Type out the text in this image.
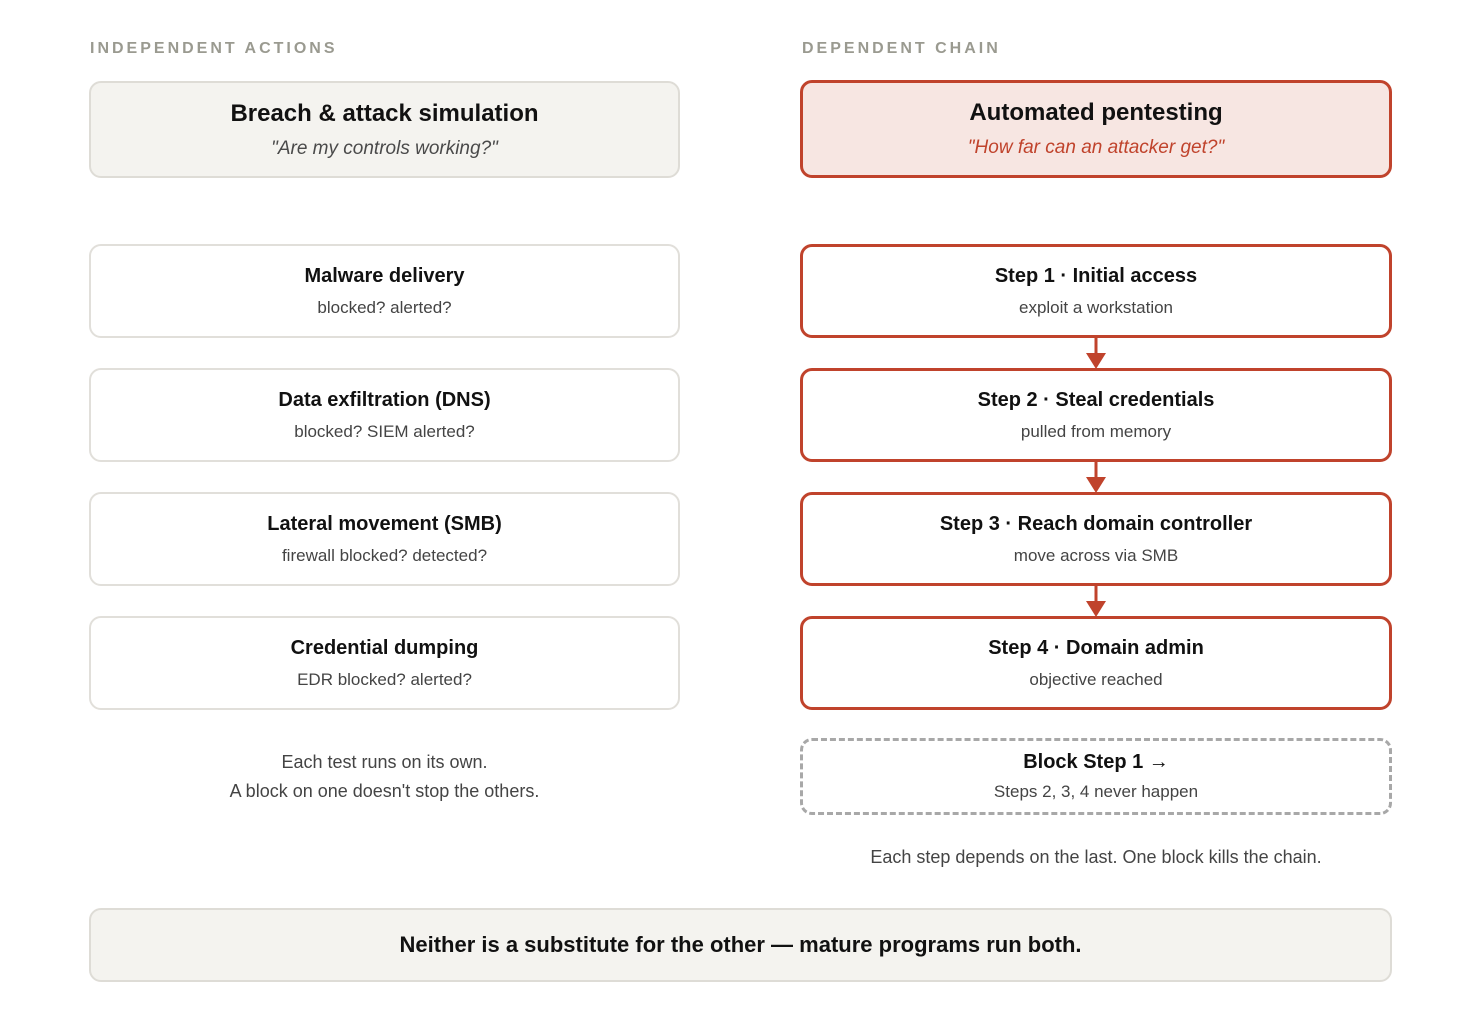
INDEPENDENT ACTIONS

Breach & attack simulation
"Are my controls working?"
Malware delivery
blocked? alerted?
Data exfiltration (DNS)
blocked? SIEM alerted?
Lateral movement (SMB)
firewall blocked? detected?
Credential dumping
EDR blocked? alerted?
Each test runs on its own.
A block on one doesn't stop the others.

DEPENDENT CHAIN

Automated pentesting
"How far can an attacker get?"
Step 1 · Initial access
exploit a workstation
Step 2 · Steal credentials
pulled from memory
Step 3 · Reach domain controller
move across via SMB
Step 4 · Domain admin
objective reached
Block Step 1 →
Steps 2, 3, 4 never happen
Each step depends on the last. One block kills the chain.
Neither is a substitute for the other — mature programs run both.
